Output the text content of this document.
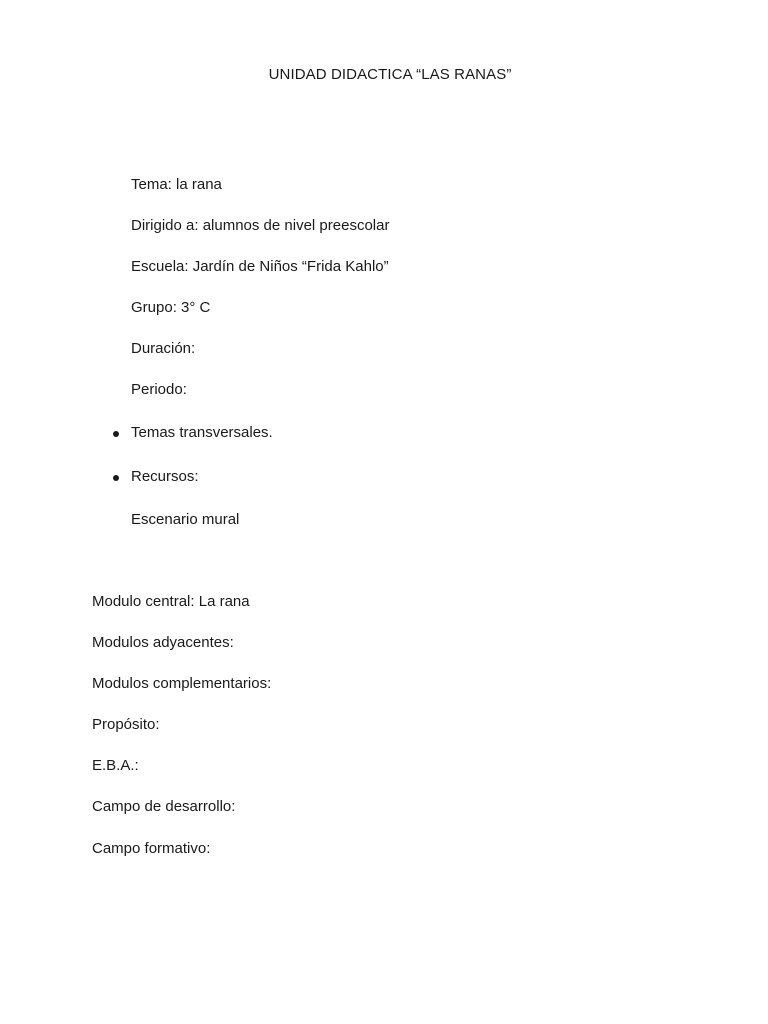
UNIDAD DIDACTICA “LAS RANAS”
Tema: la rana
Dirigido a: alumnos de nivel preescolar
Escuela: Jardín de Niños “Frida Kahlo”
Grupo: 3° C
Duración:
Periodo:
Temas transversales.
Recursos:
Escenario mural
Modulo central: La rana
Modulos adyacentes:
Modulos complementarios:
Propósito:
E.B.A.:
Campo de desarrollo:
Campo formativo:
